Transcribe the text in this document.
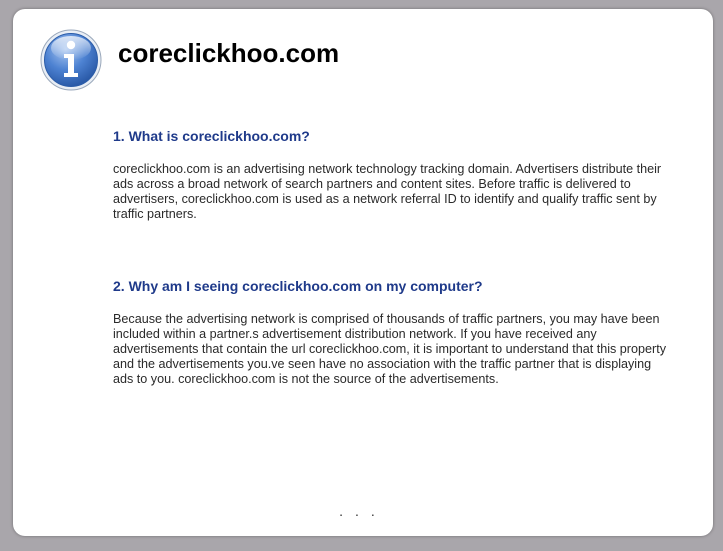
coreclickhoo.com
1. What is coreclickhoo.com?

coreclickhoo.com is an advertising network technology tracking domain. Advertisers distribute their ads across a broad network of search partners and content sites. Before traffic is delivered to advertisers, coreclickhoo.com is used as a network referral ID to identify and qualify traffic sent by traffic partners.

2. Why am I seeing coreclickhoo.com on my computer?

Because the advertising network is comprised of thousands of traffic partners, you may have been included within a partner.s advertisement distribution network. If you have received any advertisements that contain the url coreclickhoo.com, it is important to understand that this property and the advertisements you.ve seen have no association with the traffic partner that is displaying ads to you. coreclickhoo.com is not the source of the advertisements.

...
